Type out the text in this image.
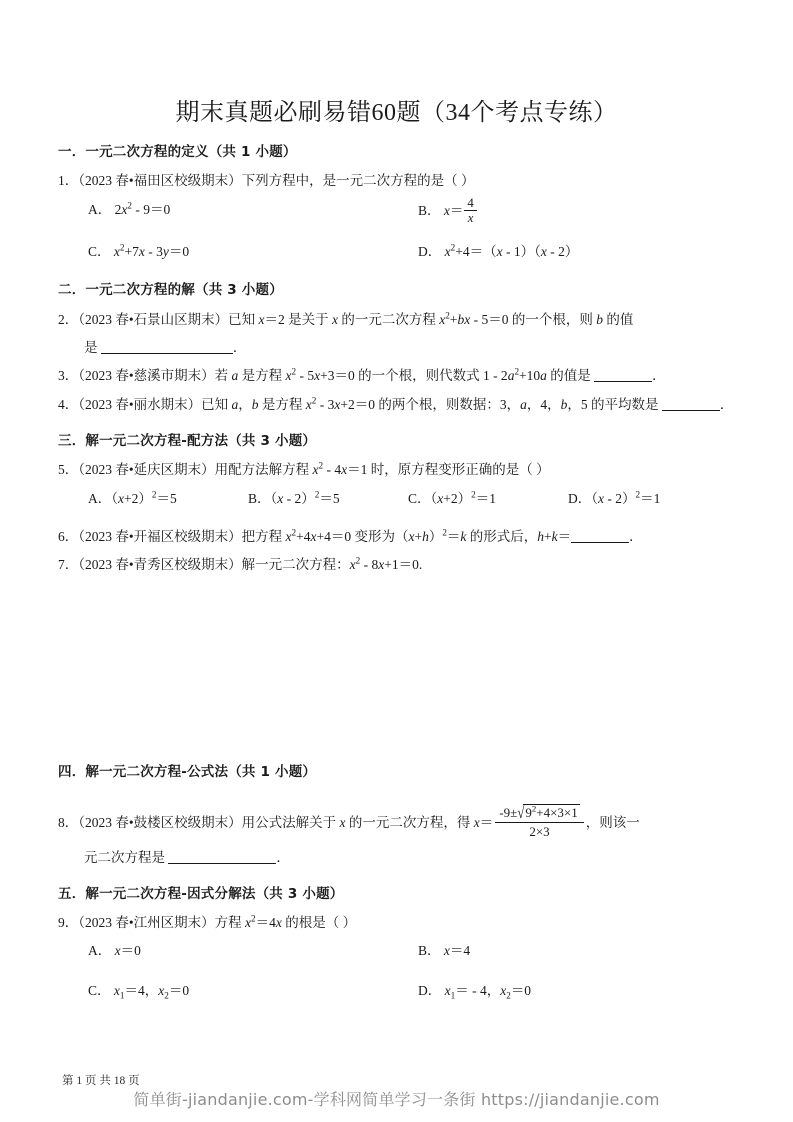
期末真题必刷易错60题（34个考点专练）
一．一元二次方程的定义（共 1 小题）
1．（2023 春•福田区校级期末）下列方程中，是一元二次方程的是（ ）
A． $2x^2 - 9=0$	B． $x= \frac{4}{x}$
C． $x^2+7x - 3y=0$	D． $x^2+4=(x - 1)(x - 2)$
二．一元二次方程的解（共 3 小题）
2．（2023 春•石景山区期末）已知 x＝2 是关于 x 的一元二次方程 $x^2+bx - 5=0$ 的一个根，则 b 的值
是	．
3．（2023 春•慈溪市期末）若 a 是方程 $x^2 - 5x+3=0$ 的一个根，则代数式 $1 - 2a^2+10a$ 的值是	．
4．（2023 春•丽水期末）已知 a，b 是方程 $x^2 - 3x+2=0$ 的两个根，则数据：3，a，4，b，5 的平均数是	．
三．解一元二次方程-配方法（共 3 小题）
5．（2023 春•延庆区期末）用配方法解方程 $x^2 - 4x=1$ 时，原方程变形正确的是（ ）
A．$(x+2)^2=5$	B．（x - 2）$^2$＝5	C．$(x+2)^2=1$	D．（x - 2）$^2$＝1
6．（2023 春•开福区校级期末）把方程 $x^2+4x+4=0$ 变形为$(x+h)^2=k$ 的形式后，h+k＝	．
7．（2023 春•青秀区校级期末）解一元二次方程：$x^2 - 8x+1=0$.
四．解一元二次方程-公式法（共 1 小题）
8．（2023 春•鼓楼区校级期末）用公式法解关于 x 的一元二次方程，得 $x= \frac{-9\pm√9^2+4\times 3\times 1}{2\times 3}$ ，则该一
元二次方程是	．
五．解一元二次方程-因式分解法（共 3 小题）
9．（2023 春•江州区期末）方程 $x^2=4x$ 的根是（ ）
A． x＝0	B． x＝4
C． $x_1=4$，$x_2=0$	D． $x_1= - 4$，$x_2=0$
第 1 页 共 18 页
简单街-jiandanjie.com-学科网简单学习一条街 https://jiandanjie.com
